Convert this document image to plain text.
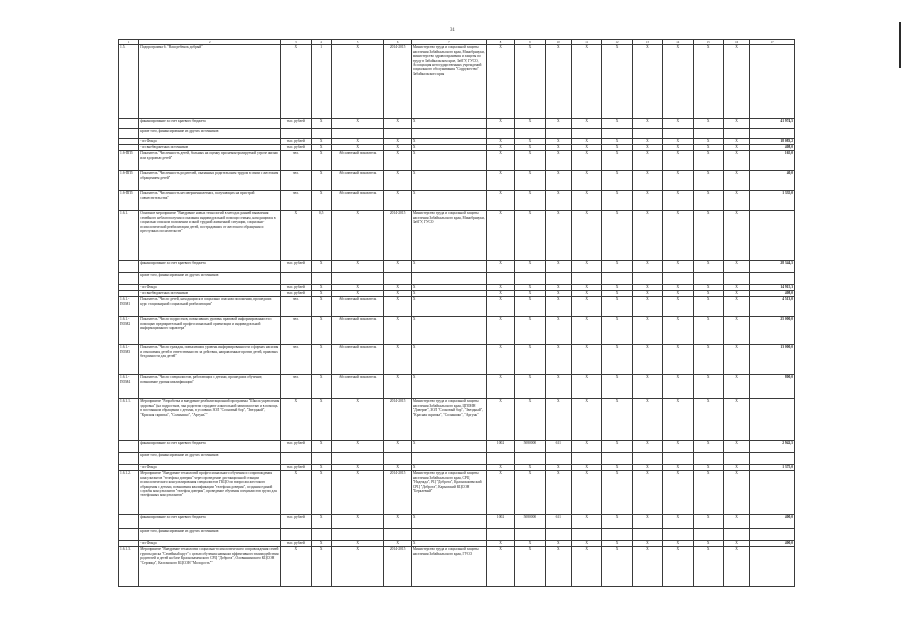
31
1	2	3	4	5	6	7	8	9	10	11	12	13	14	15	16	17
1.5.	Подпрограмма 6. "Ваш ребенок добрый"	X	1	X	2014-2015	Министерство труда и социальной защиты населения Забайкальского края, Минобрнауки, министерство здравоохранения и защиты по труду в Забайкальском крае, ЗабГУ, ГУСО, Ассоциация негосударственных учреждений социального обслуживания "Содружество" Забайкальского края	X	X	X	X	X	X	X	X	X	
	финансирование за счет краевого бюджета	тыс. рублей	X	X	X	X	X	X	X	X	X	X	X	X	X	41 974,5
	кроме того, финансирование из других источников:															
	- из Фонда	тыс. рублей	X	X	X	X	X	X	X	X	X	X	X	X	X	18 083,2
	- из внебюджетных источников	тыс. рублей	X	X	X	X	X	X	X	X	X	X	X	X	X	408,0
1.6-ПП5	Показатель "Численность детей, больных на оценку при неконтролируемой угрозе жизни или здоровью детей"	чел.	X	Абсолютный показатель	X	X	X	X	X	X	X	X	X	X	X	165,0
1.6-ПП5	Показатель "Численность родителей, оказанных родительским трудом в связи с жестоким обращением детей"	чел.	X	Абсолютный показатель	X	X	X	X	X	X	X	X	X	X	X	40,0
1.6-ПП5	Показатель "Численность несовершеннолетних, получающих на пристрой совместительства"	чел.	X	Абсолютный показатель	X	X	X	X	X	X	X	X	X	X	X	1 335,0
1.6.1.	Основное мероприятие "Внедрение новых технологий в методах ранней выявления семейного неблагополучия и оказания индивидуальной помощи семьям, находящимся в социально опасном положении и иной трудной жизненной ситуации, социально-психологической реабилитации детей, пострадавших от жестокого обращения и преступных посягательств"	X	0,5	X	2014-2015	Министерство труда и социальной защиты населения Забайкальского края, Минобрнауки, ЗабГУ, ГУСО	X	X	X	X	X	X	X	X	X	
	финансирование за счет краевого бюджета	тыс. рублей	X	X	X	X	X	X	X	X	X	X	X	X	X	28 344,5
	кроме того, финансирование из других источников:															
	- из Фонда	тыс. рублей	X	X	X	X	X	X	X	X	X	X	X	X	X	14 915,3
	- из внебюджетных источников	тыс. рублей	X	X	X	X	X	X	X	X	X	X	X	X	X	408,0
1.6.1.-ПОМ1	Показатель "Число детей, находящихся в социально опасном положении, прошедших курс стационарной социальной реабилитации"	чел.	X	Абсолютный показатель	X	X	X	X	X	X	X	X	X	X	X	4 513,0
1.6.1.-ПОМ2	Показатель "Число подростков, повысивших уровень правовой информированности с помощью предварительной профессиональной ориентации и индивидуальной информационного характера"	чел.	X	Абсолютный показатель	X	X	X	X	X	X	X	X	X	X	X	25 000,0
1.6.1.-ПОМ3	Показатель "Число граждан, повысивших уровень информированности о формах насилия и отношения детей в ответственности за действия, направленные против детей, правовых бездомности для детей"	чел.	X	Абсолютный показатель	X	X	X	X	X	X	X	X	X	X	X	13 000,0
1.6.1.-ПОМ4	Показатель "Число специалистов, работающих с детьми, прошедших обучение, повышение уровня квалификации"	чел.	X	Абсолютный показатель	X	X	X	X	X	X	X	X	X	X	X	800,0
1.6.1.1.	Мероприятие "Разработка и внедрение реабилитационной программы "Школа укрепления здоровья" (на подростков, чьи родители страдают алкогольной зависимостью и в помощь в постоянном обращении с детьми, в условиях ЗОЛ "Сосновый бор", "Звездный", "Красная скрипка", "Солнышко", "Аргунь""	X	X	X	2014-2015	Министерство труда и социальной защиты населения Забайкальского края, ЦПОИН "Доверие", ЗОЛ "Сосновый бор", "Звездный", "Красная скрипка", "Солнышко", "Аргунь"	X	X	X	X	X	X	X	X	X	
	финансирование за счет краевого бюджета	тыс. рублей	X	X	X	X	1002	5080000	611	X	X	X	X	X	X	2 942,5
	кроме того, финансирование из других источников:															
	- из Фонда	тыс. рублей	X	X	X	X	X	X	X	X	X	X	X	X	X	1 375,0
1.6.1.2.	Мероприятие "Внедрение технологий профессионального обучения и сопровождения консультантов "телефона доверия" через проведение дистанционной станции психологического консультирования специалистов ГКЦО по вопросам жестокого обращения с детьми, повышения квалификации "телефона доверия", создания единой службы консультантов "телефон доверия", проведение обучения специалистов групп для телефонных консультантов"	X	X	X	2014-2015	Министерство труда и социальной защиты населения Забайкальского края, СРЦ "Надежда", РЦ "Доброта", Краснокаменский СРЦ "Доброта", Карымский КЦСОН "Берклевый"	X	X	X	X	X	X	X	X	X	
	финансирование за счет краевого бюджета	тыс. рублей	X	X	X	X	1002	5080000	611	X	X	X	X	X	X	400,0
	кроме того, финансирование из других источников:															
	- из Фонда	тыс. рублей	X	X	X	X	X	X	X	X	X	X	X	X	X	400,0
1.6.1.3.	Мероприятие "Внедрение технологии социально-психологического сопровождения семей группы риска "Семейный круг" с целью обучения навыкам эффективного взаимодействия родителей и детей на базе Краснокаменского СРЦ "Доброта", Оловяннинского КЦСОН "Серпица", Калганского КЦСОН "Молодость""	X	X	X	2014-2015	Министерство труда и социальной защиты населения Забайкальского края, ГУСО	X	X	X	X	X	X	X	X	X	
